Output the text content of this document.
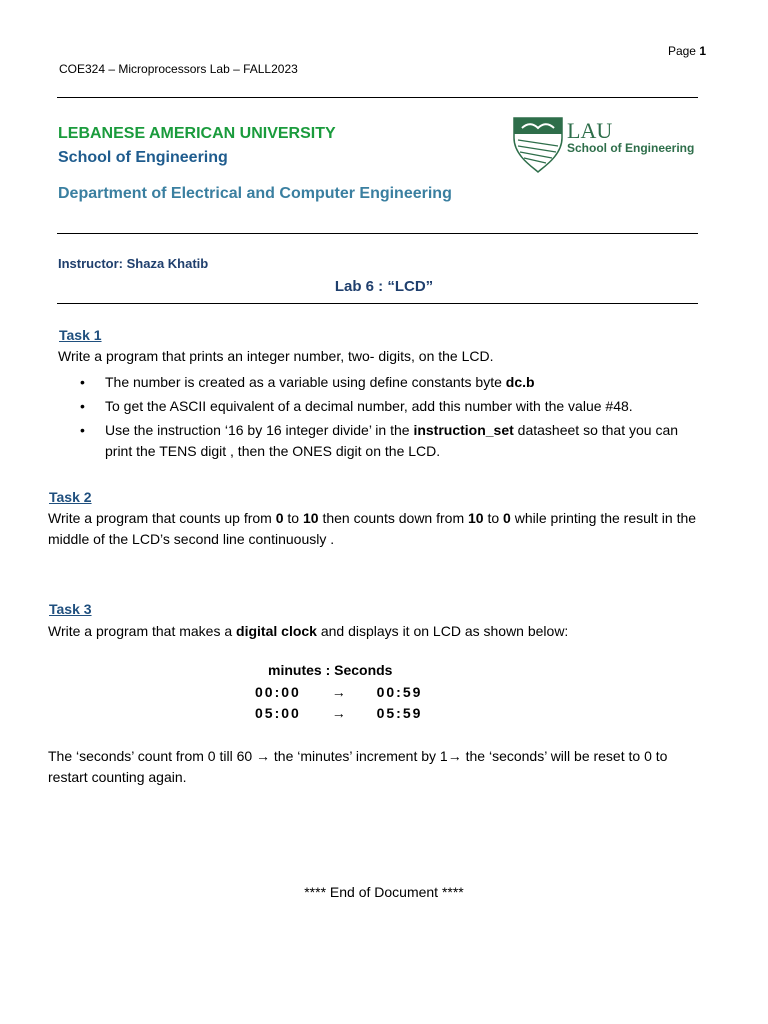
Page 1
COE324 – Microprocessors Lab – FALL2023
LEBANESE AMERICAN UNIVERSITY
School of Engineering
Department of Electrical and Computer Engineering
LAU
School of Engineering
Instructor: Shaza Khatib
Lab 6 : “LCD”
Task 1
Write a program that prints an integer number, two- digits, on the LCD.
• The number is created as a variable using define constants byte dc.b
• To get the ASCII equivalent of a decimal number, add this number with the value #48.
• Use the instruction ‘16 by 16 integer divide’ in the instruction_set datasheet so that you can print the TENS digit , then the ONES digit on the LCD.
Task 2
Write a program that counts up from 0 to 10 then counts down from 10 to 0 while printing the result in the middle of the LCD’s second line continuously .
Task 3
Write a program that makes a digital clock and displays it on LCD as shown below:
minutes : Seconds
00:00 → 00:59
05:00 → 05:59
The ‘seconds’ count from 0 till 60 → the ‘minutes’ increment by 1→ the ‘seconds’ will be reset to 0 to restart counting again.
**** End of Document ****
